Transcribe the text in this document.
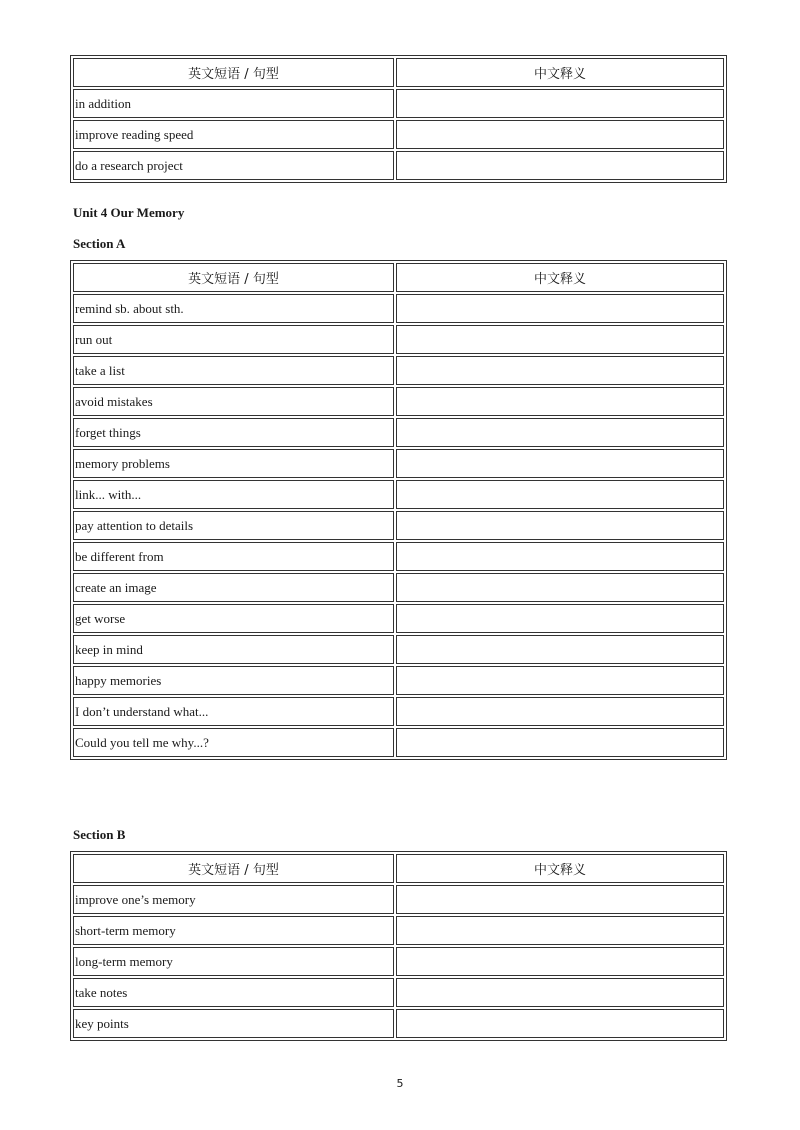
英文短语 / 句型	中文释义
in addition	
improve reading speed	
do a research project	
Unit 4 Our Memory
Section A
英文短语 / 句型	中文释义
remind sb. about sth.	
run out	
take a list	
avoid mistakes	
forget things	
memory problems	
link... with...	
pay attention to details	
be different from	
create an image	
get worse	
keep in mind	
happy memories	
I don’t understand what...	
Could you tell me why...?	
Section B
英文短语 / 句型	中文释义
improve one’s memory	
short-term memory	
long-term memory	
take notes	
key points	
5
